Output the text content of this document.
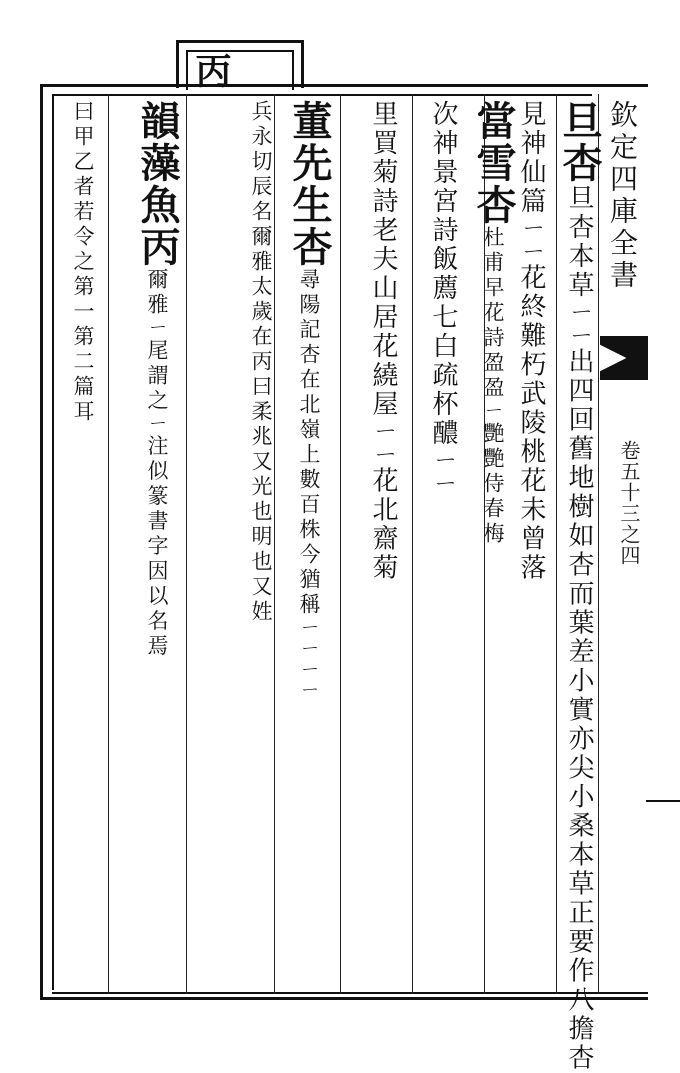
丙
欽定四庫全書
卷五十三之四
旦杏旦杏本草ㄧㄧ出四回舊地樹如杏而葉差小實亦尖小桑本草正要作八擔杏
見神仙篇ㄧㄧ花終難朽武陵桃花未曾落
當雪杏杜甫早花詩盈盈ㄧ艷艷侍春梅
次神景宮詩飯薦七白疏杯醲ㄧㄧ
里買菊詩老夫山居花繞屋ㄧㄧ花北齋菊
董先生杏尋陽記杏在北嶺上數百株今猶稱ㄧㄧㄧㄧ
兵永切辰名爾雅太歲在丙曰柔兆又光也明也又姓
韻藻魚丙爾雅ㄧ尾謂之ㄧ注似篆書字因以名焉
曰甲乙者若令之第一第二篇耳
